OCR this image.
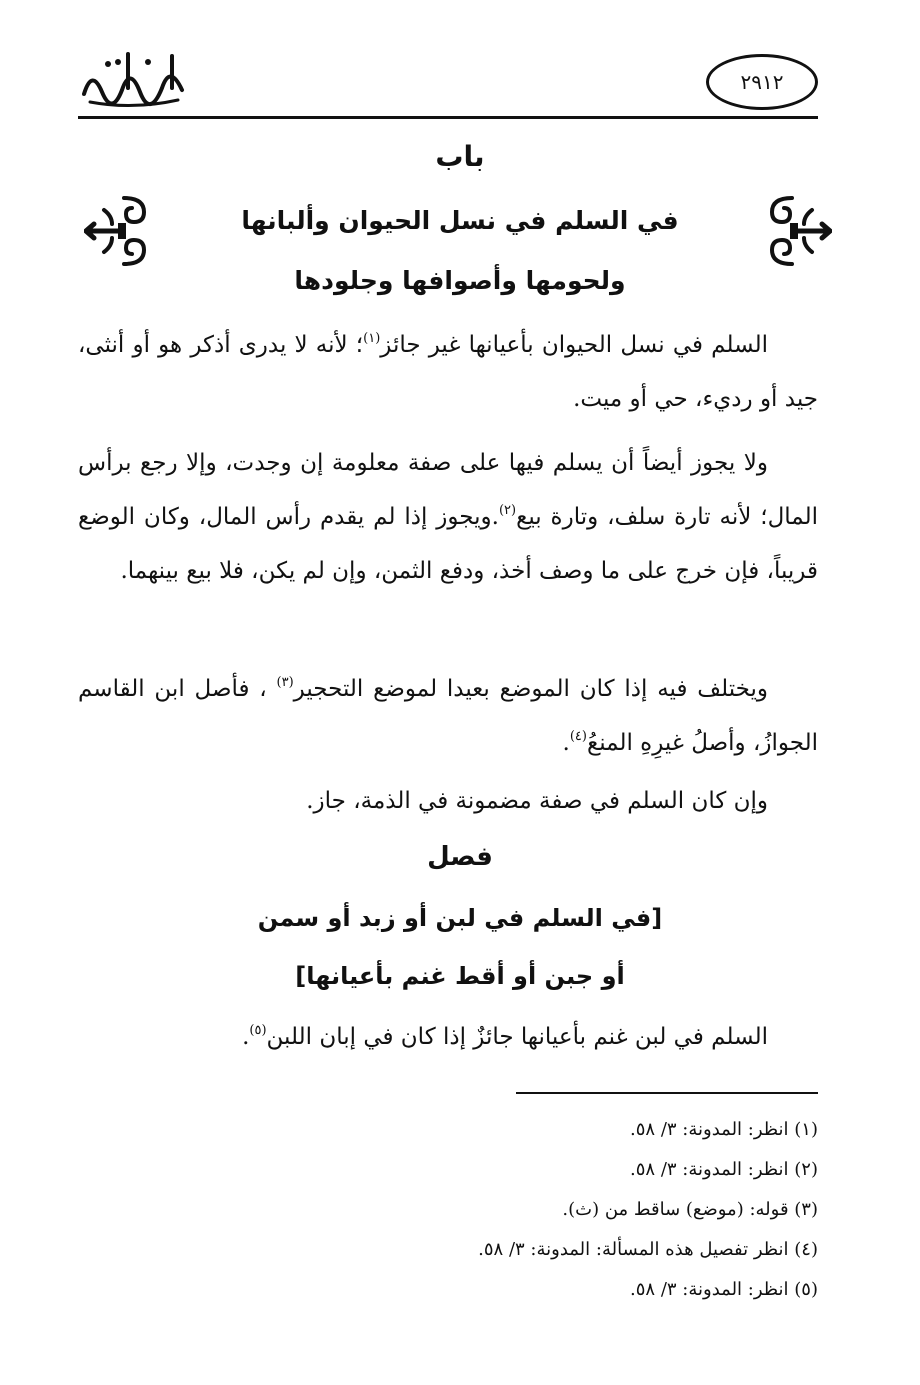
٢٩١٢
باب
في السلم في نسل الحيوان وألبانها
ولحومها وأصوافها وجلودها

السلم في نسل الحيوان بأعيانها غير جائز$^{(١)}$؛ لأنه لا يدرى أذكر هو أو أنثى، جيد أو رديء، حي أو ميت.

ولا يجوز أيضاً أن يسلم فيها على صفة معلومة إن وجدت، وإلا رجع برأس المال؛ لأنه تارة سلف، وتارة بيع$^{(٢)}$.ويجوز إذا لم يقدم رأس المال، وكان الوضع قريباً، فإن خرج على ما وصف أخذ، ودفع الثمن، وإن لم يكن، فلا بيع بينهما.

ويختلف فيه إذا كان الموضع بعيدا لموضع التحجير$^{(٣)}$ ، فأصل ابن القاسم الجوازُ، وأصلُ غيرِهِ المنعُ$^{(٤)}$.

وإن كان السلم في صفة مضمونة في الذمة، جاز.

فصل
[في السلم في لبن أو زبد أو سمن
أو جبن أو أقط غنم بأعيانها]

السلم في لبن غنم بأعيانها جائزٌ إذا كان في إبان اللبن$^{(٥)}$.

(١) انظر: المدونة: ٣/ ٥٨.
(٢) انظر: المدونة: ٣/ ٥٨.
(٣) قوله: (موضع) ساقط من (ث).
(٤) انظر تفصيل هذه المسألة: المدونة: ٣/ ٥٨.
(٥) انظر: المدونة: ٣/ ٥٨.
